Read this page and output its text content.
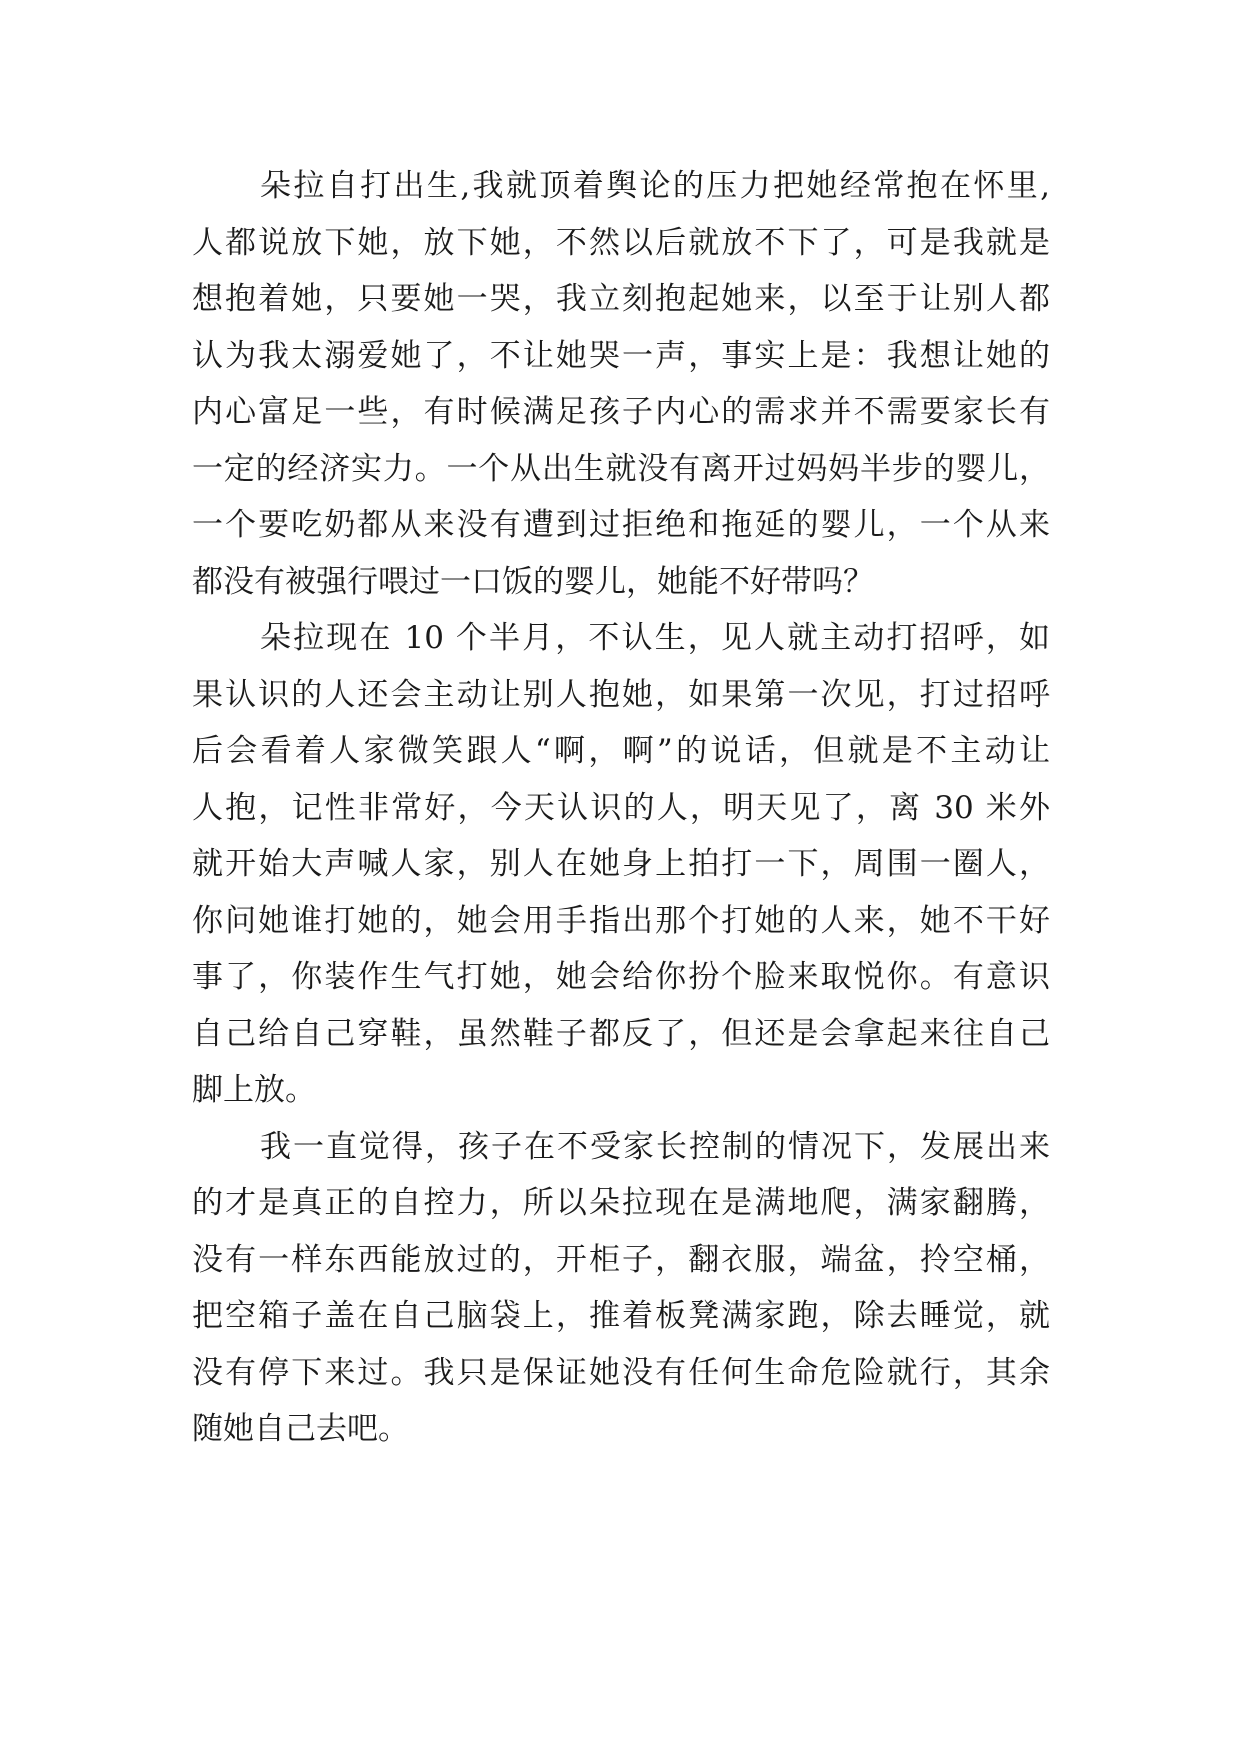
朵拉自打出生,我就顶着舆论的压力把她经常抱在怀里,
人都说放下她，放下她，不然以后就放不下了，可是我就是
想抱着她，只要她一哭，我立刻抱起她来，以至于让别人都
认为我太溺爱她了，不让她哭一声，事实上是：我想让她的
内心富足一些，有时候满足孩子内心的需求并不需要家长有
一定的经济实力。一个从出生就没有离开过妈妈半步的婴儿，
一个要吃奶都从来没有遭到过拒绝和拖延的婴儿，一个从来
都没有被强行喂过一口饭的婴儿，她能不好带吗？
朵拉现在 10 个半月，不认生，见人就主动打招呼，如
果认识的人还会主动让别人抱她，如果第一次见，打过招呼
后会看着人家微笑跟人“啊，啊”的说话，但就是不主动让
人抱，记性非常好，今天认识的人，明天见了，离 30 米外
就开始大声喊人家，别人在她身上拍打一下，周围一圈人，
你问她谁打她的，她会用手指出那个打她的人来，她不干好
事了，你装作生气打她，她会给你扮个脸来取悦你。有意识
自己给自己穿鞋，虽然鞋子都反了，但还是会拿起来往自己
脚上放。
我一直觉得，孩子在不受家长控制的情况下，发展出来
的才是真正的自控力，所以朵拉现在是满地爬，满家翻腾，
没有一样东西能放过的，开柜子，翻衣服，端盆，拎空桶，
把空箱子盖在自己脑袋上，推着板凳满家跑，除去睡觉，就
没有停下来过。我只是保证她没有任何生命危险就行，其余
随她自己去吧。
